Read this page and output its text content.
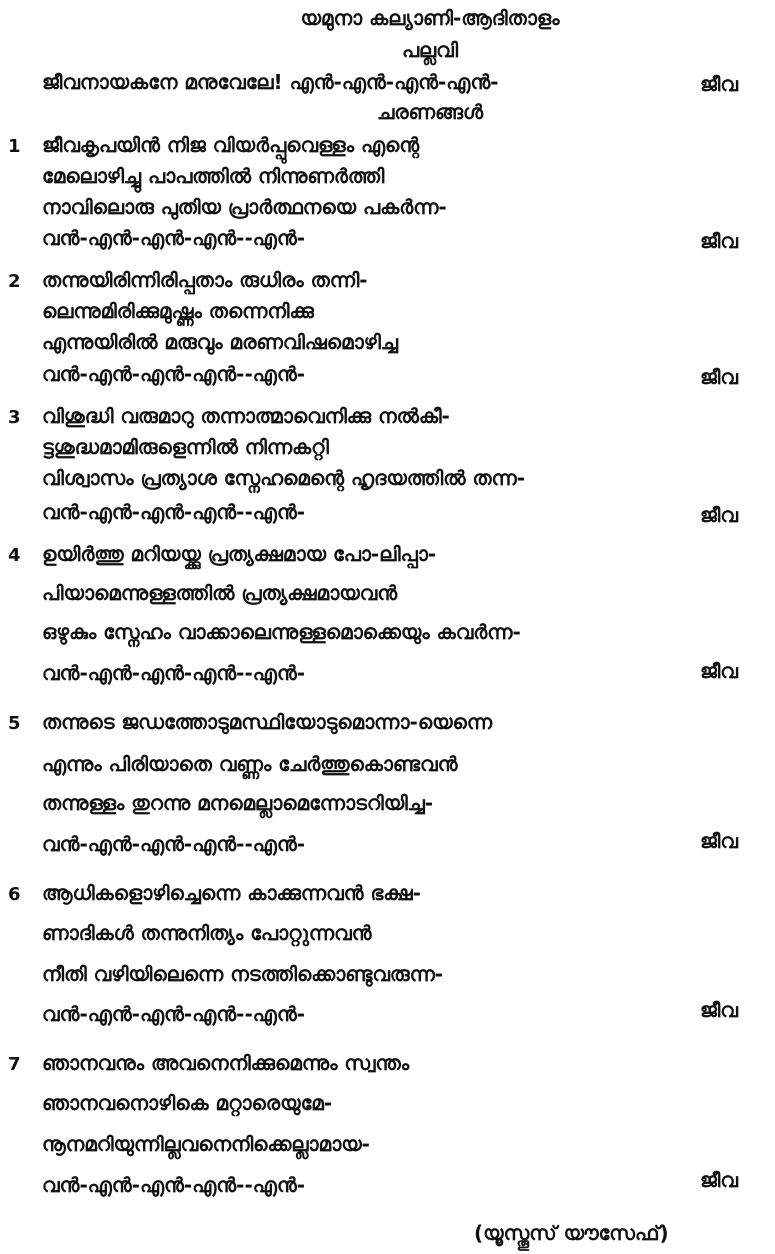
യമുനാ കല്യാണി-ആദിതാളം
പല്ലവി
ജീവനായകനേ മനുവേലേ! എൻ-എൻ-എൻ-എൻ-	ജീവ
ചരണങ്ങൾ
1 ജീവകൃപയിൻ നിജ വിയർപ്പുവെള്ളം എന്റെ
മേലൊഴിച്ചു പാപത്തിൽ നിന്നുണർത്തി
നാവിലൊരു പുതിയ പ്രാർത്ഥനയെ പകർന്ന-
വൻ-എൻ-എൻ-എൻ--എൻ-	ജീവ
2 തന്നുയിരിന്നിരിപ്പതാം രുധിരം തന്നി-
ലെന്നുമിരിക്കുമുഷ്ണം തന്നെനിക്കു
എന്നുയിരിൽ മരുവും മരണവിഷമൊഴിച്ച
വൻ-എൻ-എൻ-എൻ--എൻ-	ജീവ
3 വിശുദ്ധി വരുമാറു തന്നാത്മാവെനിക്കു നൽകീ-
ട്ടശുദ്ധമാമിരുളെന്നിൽ നിന്നകറ്റി
വിശ്വാസം പ്രത്യാശ സ്നേഹമെന്റെ ഹൃദയത്തിൽ തന്ന-
വൻ-എൻ-എൻ-എൻ--എൻ-	ജീവ
4 ഉയിർത്തു മറിയയ്ക്കു പ്രത്യക്ഷമായ പോ-ലിപ്പാ-
പിയാമെന്നുള്ളത്തിൽ പ്രത്യക്ഷമായവൻ
ഒഴുകും സ്നേഹം വാക്കാലെന്നുള്ളമൊക്കെയും കവർന്ന-
വൻ-എൻ-എൻ-എൻ--എൻ-	ജീവ
5 തന്നുടെ ജഡത്തോടുമസ്ഥിയോടുമൊന്നാ-യെന്നെ
എന്നും പിരിയാതെ വണ്ണം ചേർത്തുകൊണ്ടവൻ
തന്നുള്ളം തുറന്നു മനമെല്ലാമെന്നോടറിയിച്ച-
വൻ-എൻ-എൻ-എൻ--എൻ-	ജീവ
6 ആധികളൊഴിച്ചെന്നെ കാക്കുന്നവൻ ഭക്ഷ-
ണാദികൾ തന്നുനിത്യം പോറ്റുന്നവൻ
നീതി വഴിയിലെന്നെ നടത്തിക്കൊണ്ടുവരുന്ന-
വൻ-എൻ-എൻ-എൻ--എൻ-	ജീവ
7 ഞാനവനും അവനെനിക്കുമെന്നും സ്വന്തം
ഞാനവനൊഴികെ മറ്റാരെയുമേ-
നൂനമറിയുന്നില്ലവനെനിക്കെല്ലാമായ-
വൻ-എൻ-എൻ-എൻ--എൻ-	ജീവ
(യൂസ്തൂസ് യൗസേഫ്)
